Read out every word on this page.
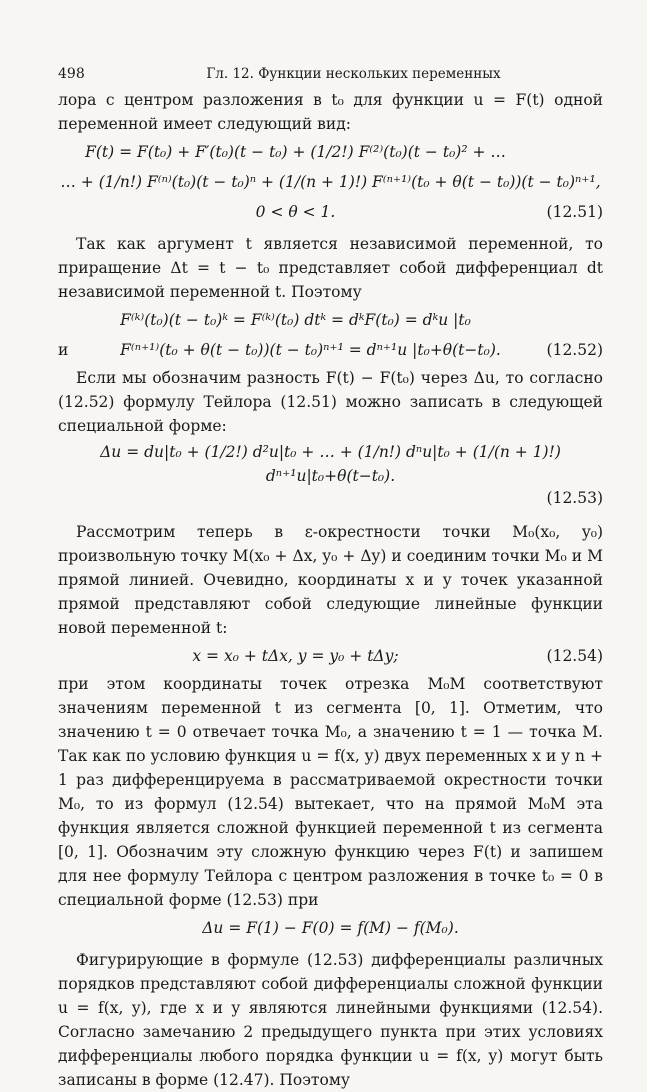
498	Гл. 12. Функции нескольких переменных

лора с центром разложения в t₀ для функции u = F(t) одной переменной имеет следующий вид:

F(t) = F(t₀) + F′(t₀)(t − t₀) + (1/2!) F⁽²⁾(t₀)(t − t₀)² + …
… + (1/n!) F⁽ⁿ⁾(t₀)(t − t₀)ⁿ + (1/(n + 1)!) F⁽ⁿ⁺¹⁾(t₀ + θ(t − t₀))(t − t₀)ⁿ⁺¹,
0 < θ < 1.	(12.51)

Так как аргумент t является независимой переменной, то приращение Δt = t − t₀ представляет собой дифференциал dt независимой переменной t. Поэтому

F⁽ᵏ⁾(t₀)(t − t₀)ᵏ = F⁽ᵏ⁾(t₀) dtᵏ = dᵏF(t₀) = dᵏu |t₀
и	F⁽ⁿ⁺¹⁾(t₀ + θ(t − t₀))(t − t₀)ⁿ⁺¹ = dⁿ⁺¹u |t₀+θ(t−t₀).	(12.52)

Если мы обозначим разность F(t) − F(t₀) через Δu, то согласно (12.52) формулу Тейлора (12.51) можно записать в следующей специальной форме:

Δu = du|t₀ + (1/2!) d²u|t₀ + … + (1/n!) dⁿu|t₀ + (1/(n + 1)!) dⁿ⁺¹u|t₀+θ(t−t₀).
(12.53)

Рассмотрим теперь в ε-окрестности точки M₀(x₀, y₀) произвольную точку M(x₀ + Δx, y₀ + Δy) и соединим точки M₀ и M прямой линией. Очевидно, координаты x и y точек указанной прямой представляют собой следующие линейные функции новой переменной t:

x = x₀ + tΔx, y = y₀ + tΔy;	(12.54)

при этом координаты точек отрезка M₀M соответствуют значениям переменной t из сегмента [0, 1]. Отметим, что значению t = 0 отвечает точка M₀, а значению t = 1 — точка M. Так как по условию функция u = f(x, y) двух переменных x и y n + 1 раз дифференцируема в рассматриваемой окрестности точки M₀, то из формул (12.54) вытекает, что на прямой M₀M эта функция является сложной функцией переменной t из сегмента [0, 1]. Обозначим эту сложную функцию через F(t) и запишем для нее формулу Тейлора с центром разложения в точке t₀ = 0 в специальной форме (12.53) при

Δu = F(1) − F(0) = f(M) − f(M₀).

Фигурирующие в формуле (12.53) дифференциалы различных порядков представляют собой дифференциалы сложной функции u = f(x, y), где x и y являются линейными функциями (12.54). Согласно замечанию 2 предыдущего пункта при этих условиях дифференциалы любого порядка функции u = f(x, y) могут быть записаны в форме (12.47). Поэтому
